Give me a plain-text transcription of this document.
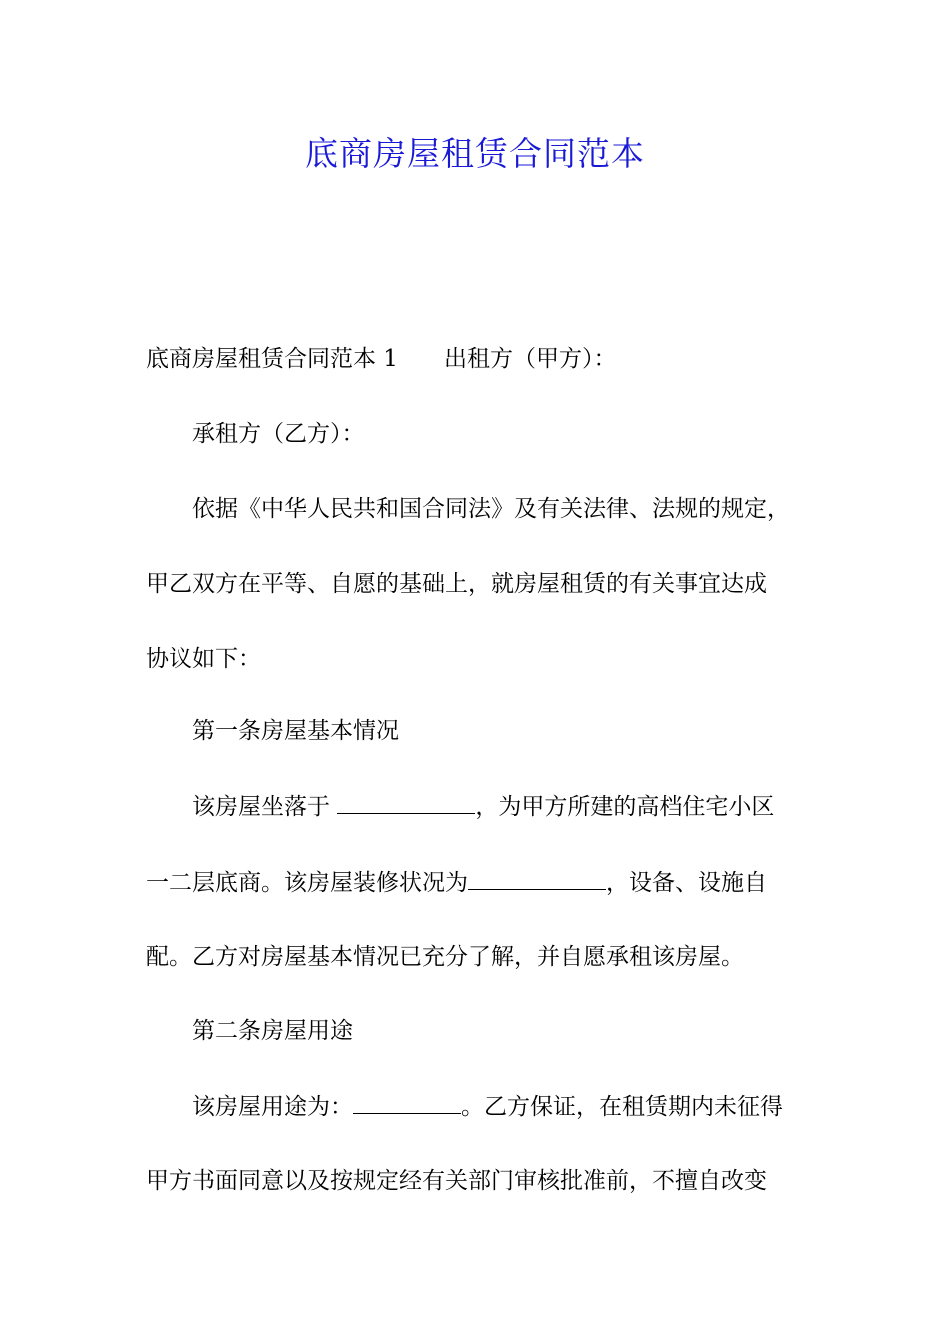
底商房屋租赁合同范本

底商房屋租赁合同范本 1 出租方（甲方）：

承租方（乙方）：

依据《中华人民共和国合同法》及有关法律、法规的规定，

甲乙双方在平等、自愿的基础上，就房屋租赁的有关事宜达成

协议如下：

第一条房屋基本情况

该房屋坐落于	，为甲方所建的高档住宅小区

一二层底商。该房屋装修状况为	，设备、设施自

配。乙方对房屋基本情况已充分了解，并自愿承租该房屋。

第二条房屋用途

该房屋用途为：	。乙方保证，在租赁期内未征得

甲方书面同意以及按规定经有关部门审核批准前，不擅自改变
